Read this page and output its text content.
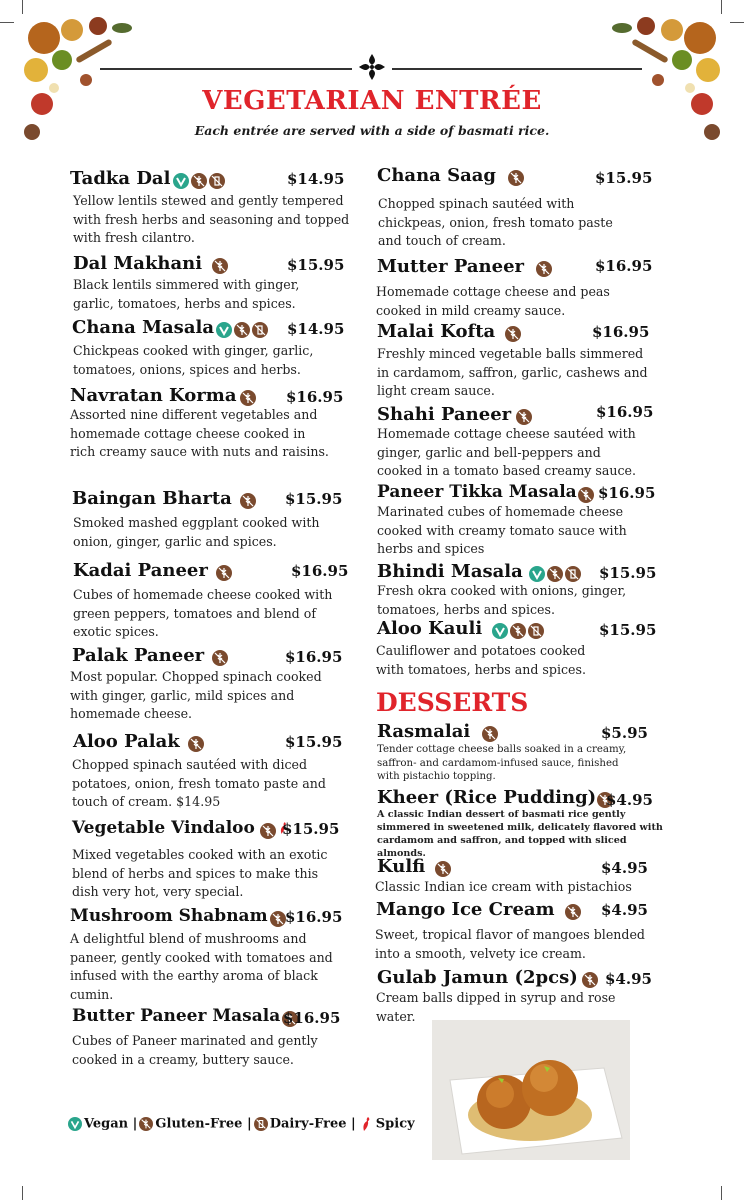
VEGETARIAN ENTRÉE
Each entrée are served with a side of basmati rice.
Tadka Dal	$14.95
Yellow lentils stewed and gently tempered with fresh herbs and seasoning and topped with fresh cilantro.
Dal Makhani	$15.95
Black lentils simmered with ginger, garlic, tomatoes, herbs and spices.
Chana Masala	$14.95
Chickpeas cooked with ginger, garlic, tomatoes, onions, spices and herbs.
Navratan Korma	$16.95
Assorted nine different vegetables and homemade cottage cheese cooked in rich creamy sauce with nuts and raisins.
Baingan Bharta	$15.95
Smoked mashed eggplant cooked with onion, ginger, garlic and spices.
Kadai Paneer	$16.95
Cubes of homemade cheese cooked with green peppers, tomatoes and blend of exotic spices.
Palak Paneer	$16.95
Most popular. Chopped spinach cooked with ginger, garlic, mild spices and homemade cheese.
Aloo Palak	$15.95
Chopped spinach sautéed with diced potatoes, onion, fresh tomato paste and touch of cream. $14.95
Vegetable Vindaloo	$15.95
Mixed vegetables cooked with an exotic blend of herbs and spices to make this dish very hot, very special.
Mushroom Shabnam	$16.95
A delightful blend of mushrooms and paneer, gently cooked with tomatoes and infused with the earthy aroma of black cumin.
Butter Paneer Masala $16.95
Cubes of Paneer marinated and gently cooked in a creamy, buttery sauce.
Chana Saag	$15.95
Chopped spinach sautéed with chickpeas, onion, fresh tomato paste and touch of cream.
Mutter Paneer	$16.95
Homemade cottage cheese and peas cooked in mild creamy sauce.
Malai Kofta	$16.95
Freshly minced vegetable balls simmered in cardamom, saffron, garlic, cashews and light cream sauce.
Shahi Paneer	$16.95
Homemade cottage cheese sautéed with ginger, garlic and bell-peppers and cooked in a tomato based creamy sauce.
Paneer Tikka Masala	$16.95
Marinated cubes of homemade cheese cooked with creamy tomato sauce with herbs and spices
Bhindi Masala	$15.95
Fresh okra cooked with onions, ginger, tomatoes, herbs and spices.
Aloo Kauli	$15.95
Cauliflower and potatoes cooked with tomatoes, herbs and spices.
DESSERTS
Rasmalai	$5.95
Tender cottage cheese balls soaked in a creamy, saffron- and cardamom-infused sauce, finished with pistachio topping.
Kheer (Rice Pudding) $4.95
A classic Indian dessert of basmati rice gently simmered in sweetened milk, delicately flavored with cardamom and saffron, and topped with sliced almonds.
Kulfi	$4.95
Classic Indian ice cream with pistachios
Mango Ice Cream	$4.95
Sweet, tropical flavor of mangoes blended into a smooth, velvety ice cream.
Gulab Jamun (2pcs)	$4.95
Cream balls dipped in syrup and rose water.
Vegan | Gluten-Free | Dairy-Free | Spicy
